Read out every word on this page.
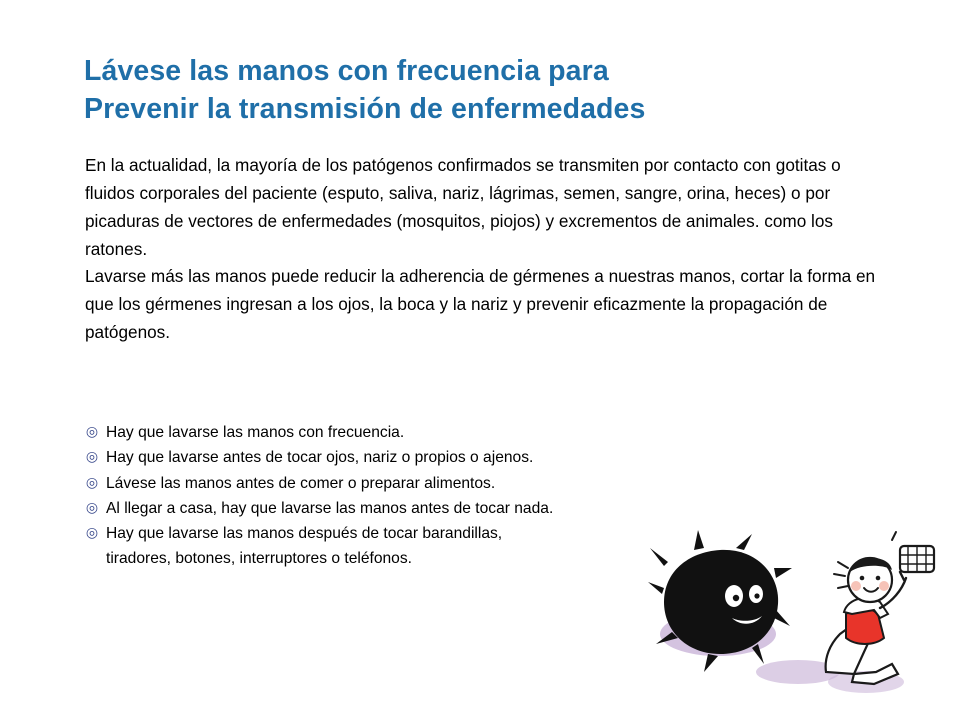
Lávese las manos con frecuencia para
Prevenir la transmisión de enfermedades

En la actualidad, la mayoría de los patógenos confirmados se transmiten por contacto con gotitas o fluidos corporales del paciente (esputo, saliva, nariz, lágrimas, semen, sangre, orina, heces) o por picaduras de vectores de enfermedades (mosquitos, piojos) y excrementos de animales. como los ratones.

Lavarse más las manos puede reducir la adherencia de gérmenes a nuestras manos, cortar la forma en que los gérmenes ingresan a los ojos, la boca y la nariz y prevenir eficazmente la propagación de patógenos.

◎ Hay que lavarse las manos con frecuencia.
◎ Hay que lavarse antes de tocar ojos, nariz o propios o ajenos.
◎ Lávese las manos antes de comer o preparar alimentos.
◎ Al llegar a casa, hay que lavarse las manos antes de tocar nada.
◎ Hay que lavarse las manos después de tocar barandillas,
tiradores, botones, interruptores o teléfonos.
